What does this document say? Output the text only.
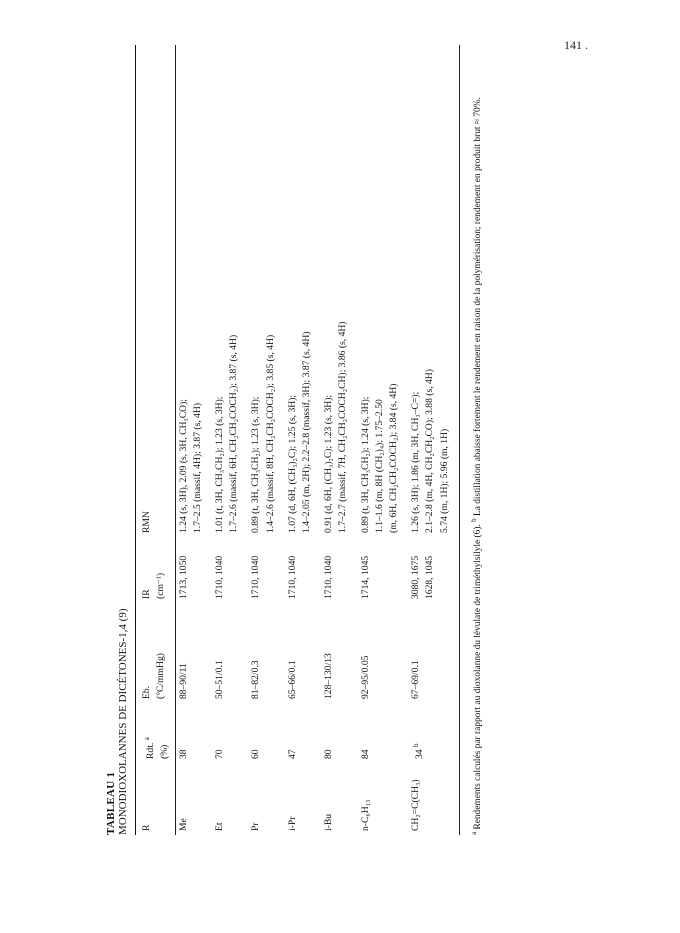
141 .
TABLEAU 1 MONODIOXOLANNES DE DICÉTONES-1,4 (9)	R
Rdt. $^a$
(%)
Eb. (°C/mmHg)
IR (cm⁻¹)
RMN
Me
38
88–90/11
1713, 1050
1.24 (s, 3H), 2.09 (s, 3H, CH₃CO); 1.7–2.5 (massif, 4H); 3.87 (s, 4H)
Et
70
50–51/0.1
1710, 1040
1.01 (t, 3H, CH₃CH₂); 1.23 (s, 3H); 1.7–2.6 (massif, 6H, CH₂CH₂COCH₂); 3.87 (s, 4H)
Pr
60
81–82/0.3
1710, 1040
0.89 (t, 3H, CH₃CH₂); 1.23 (s, 3H); 1.4–2.6 (massif, 8H, CH₂CH₂COCH₂); 3.85 (s, 4H)
i-Pr
47
65–66/0.1
1710, 1040
1.07 (d, 6H, (CH₃)₂C); 1.25 (s, 3H); 1.4–2.05 (m, 2H); 2.2–2.8 (massif, 3H); 3.87 (s, 4H)
i-Bu
80
128–130/13
1710, 1040
0.91 (d, 6H, (CH₃)₂C); 1.23 (s, 3H); 1.7–2.7 (massif, 7H, CH₂CH₂COCH₂CH); 3.86 (s, 4H)
n-C₆H₁₃
84
92–95/0.05
1714, 1045
0.89 (t, 3H, CH₃CH₂); 1.24 (s, 3H); 1.1–1.6 (m, 8H (CH₂)₄); 1.75–2.50 (m, 6H, CH₂CH₂COCH₂); 3.84 (s, 4H)
CH₂=C(CH₃)
34 $^b$
67–69/0.1
3080, 1675 1628, 1045
1.26 (s, 3H); 1.86 (m, 3H, CH₃–C=); 2.1–2.8 (m, 4H, CH₂CH₂CO); 3.88 (s, 4H) 5.74 (m, 1H); 5.96 (m, 1H)
$^a$ Rendements calculés par rapport au dioxolanne du lévulate de triméthylsilyle (6). $^b$ La distillation abaisse fortement le rendement en raison de la polymérisation; rendement en produit brut ≈ 70%.
